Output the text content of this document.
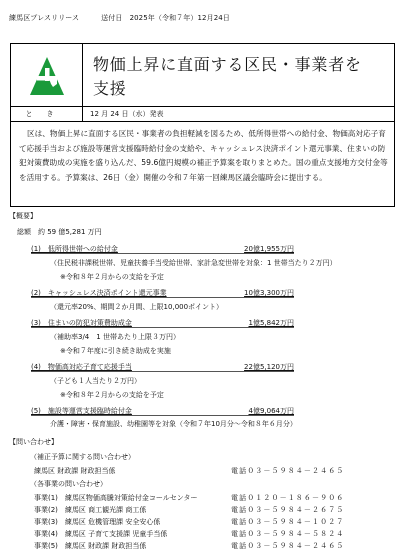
練馬区プレスリリース	送付日　2025年（令和７年）12月24日
物価上昇に直面する区民・事業者を
支援
とき	12 月 24 日（水）発表
区は、物価上昇に直面する区民・事業者の負担軽減を図るため、低所得世帯への給付金、物価高対応子育て応援手当および施設等運営支援臨時給付金の支給や、キャッシュレス決済ポイント還元事業、住まいの防犯対策費助成の実施を盛り込んだ、59.6億円規模の補正予算案を取りまとめた。国の重点支援地方交付金等を活用する。予算案は、26日（金）開催の令和７年第一回練馬区議会臨時会に提出する。
【概要】
総額　約 59 億5,281 万円
(1)　低所得世帯への給付金	20億1,955万円
（住民税非課税世帯、児童扶養手当受給世帯、家計急変世帯を対象：1 世帯当たり２万円）
※令和８年２月からの支給を予定
(2)　キャッシュレス決済ポイント還元事業	10億3,300万円
（還元率20%、期間２か月間、上限10,000ポイント）
(3)　住まいの防犯対策費助成金	1億5,842万円
（補助率3/4　1 世帯あたり上限３万円）
※令和７年度に引き続き助成を実施
(4)　物価高対応子育て応援手当	22億5,120万円
（子ども１人当たり２万円）
※令和８年２月からの支給を予定
(5)　施設等運営支援臨時給付金	4億9,064万円
介護・障害・保育施設、幼稚園等を対象（令和７年10月分～令和８年６月分）
【問い合わせ】
（補正予算に関する問い合わせ）
練馬区 財政課 財政担当係	電話０３－５９８４－２４６５
（各事業の問い合わせ）
事業(1)　練馬区物価高騰対策給付金コールセンター	電話０１２０－１８６－９０６
事業(2)　練馬区 商工観光課 商工係	電話０３－５９８４－２６７５
事業(3)　練馬区 危機管理課 安全安心係	電話０３－５９８４－１０２７
事業(4)　練馬区 子育て支援課 児童手当係	電話０３－５９８４－５８２４
事業(5)　練馬区 財政課 財政担当係	電話０３－５９８４－２４６５
